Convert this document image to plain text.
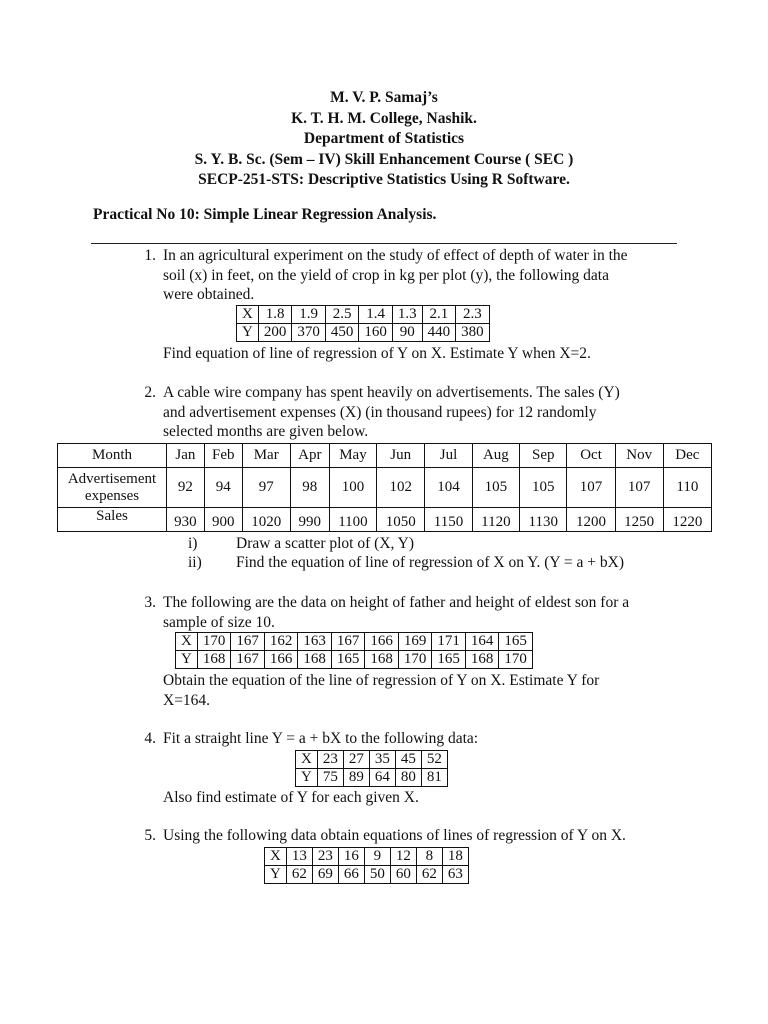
M. V. P. Samaj’s
K. T. H. M. College, Nashik.
Department of Statistics
S. Y. B. Sc. (Sem – IV) Skill Enhancement Course ( SEC )
SECP-251-STS: Descriptive Statistics Using R Software.
Practical No 10: Simple Linear Regression Analysis.
1. In an agricultural experiment on the study of effect of depth of water in the
soil (x) in feet, on the yield of crop in kg per plot (y), the following data
were obtained.
X	1.8	1.9	2.5	1.4	1.3	2.1	2.3
Y	200	370	450	160	90	440	380
Find equation of line of regression of Y on X. Estimate Y when X=2.
2. A cable wire company has spent heavily on advertisements. The sales (Y)
and advertisement expenses (X) (in thousand rupees) for 12 randomly
selected months are given below.
Month	Jan	Feb	Mar	Apr	May	Jun	Jul	Aug	Sep	Oct	Nov	Dec

Advertisement
expenses	92	94	97	98	100	102	104	105	105	107	107	110
Sales	930	900	1020	990	1100	1050	1150	1120	1130	1200	1250	1220
i)	Draw a scatter plot of (X, Y)
ii)	Find the equation of line of regression of X on Y. (Y = a + bX)
3. The following are the data on height of father and height of eldest son for a
sample of size 10.
X	170	167	162	163	167	166	169	171	164	165
Y	168	167	166	168	165	168	170	165	168	170
Obtain the equation of the line of regression of Y on X. Estimate Y for
X=164.
4. Fit a straight line Y = a + bX to the following data:
X	23	27	35	45	52
Y	75	89	64	80	81
Also find estimate of Y for each given X.
5. Using the following data obtain equations of lines of regression of Y on X.
X	13	23	16	9	12	8	18
Y	62	69	66	50	60	62	63
